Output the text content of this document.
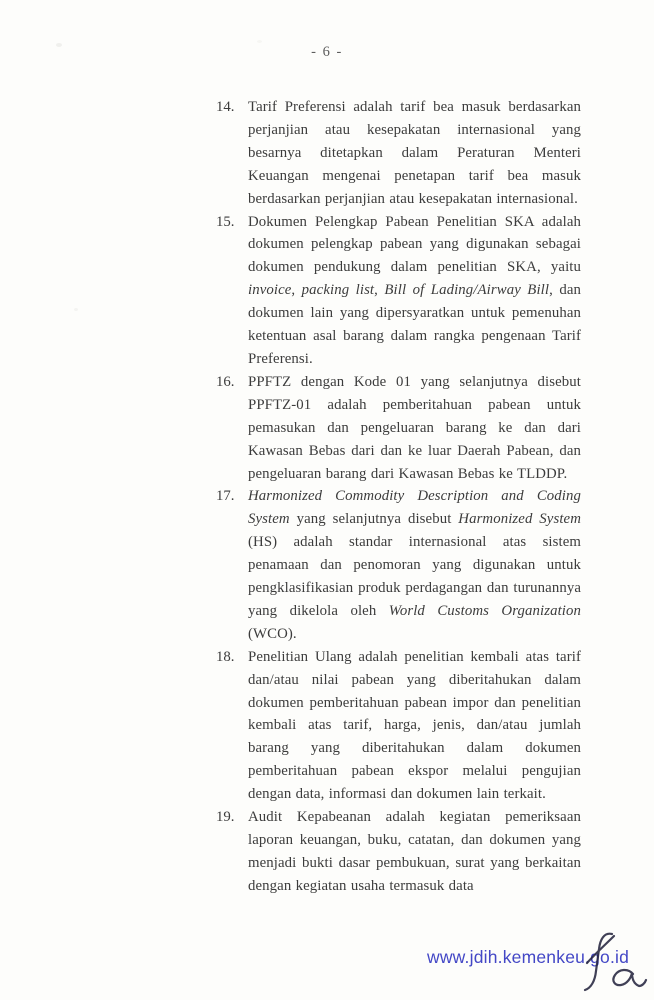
- 6 -
14. Tarif Preferensi adalah tarif bea masuk berdasarkan perjanjian atau kesepakatan internasional yang besarnya ditetapkan dalam Peraturan Menteri Keuangan mengenai penetapan tarif bea masuk berdasarkan perjanjian atau kesepakatan internasional.

15. Dokumen Pelengkap Pabean Penelitian SKA adalah dokumen pelengkap pabean yang digunakan sebagai dokumen pendukung dalam penelitian SKA, yaitu invoice, packing list, Bill of Lading/Airway Bill, dan dokumen lain yang dipersyaratkan untuk pemenuhan ketentuan asal barang dalam rangka pengenaan Tarif Preferensi.

16. PPFTZ dengan Kode 01 yang selanjutnya disebut PPFTZ-01 adalah pemberitahuan pabean untuk pemasukan dan pengeluaran barang ke dan dari Kawasan Bebas dari dan ke luar Daerah Pabean, dan pengeluaran barang dari Kawasan Bebas ke TLDDP.

17. Harmonized Commodity Description and Coding System yang selanjutnya disebut Harmonized System (HS) adalah standar internasional atas sistem penamaan dan penomoran yang digunakan untuk pengklasifikasian produk perdagangan dan turunannya yang dikelola oleh World Customs Organization (WCO).

18. Penelitian Ulang adalah penelitian kembali atas tarif dan/atau nilai pabean yang diberitahukan dalam dokumen pemberitahuan pabean impor dan penelitian kembali atas tarif, harga, jenis, dan/atau jumlah barang yang diberitahukan dalam dokumen pemberitahuan pabean ekspor melalui pengujian dengan data, informasi dan dokumen lain terkait.

19. Audit Kepabeanan adalah kegiatan pemeriksaan laporan keuangan, buku, catatan, dan dokumen yang menjadi bukti dasar pembukuan, surat yang berkaitan dengan kegiatan usaha termasuk data

www.jdih.kemenkeu.go.id
